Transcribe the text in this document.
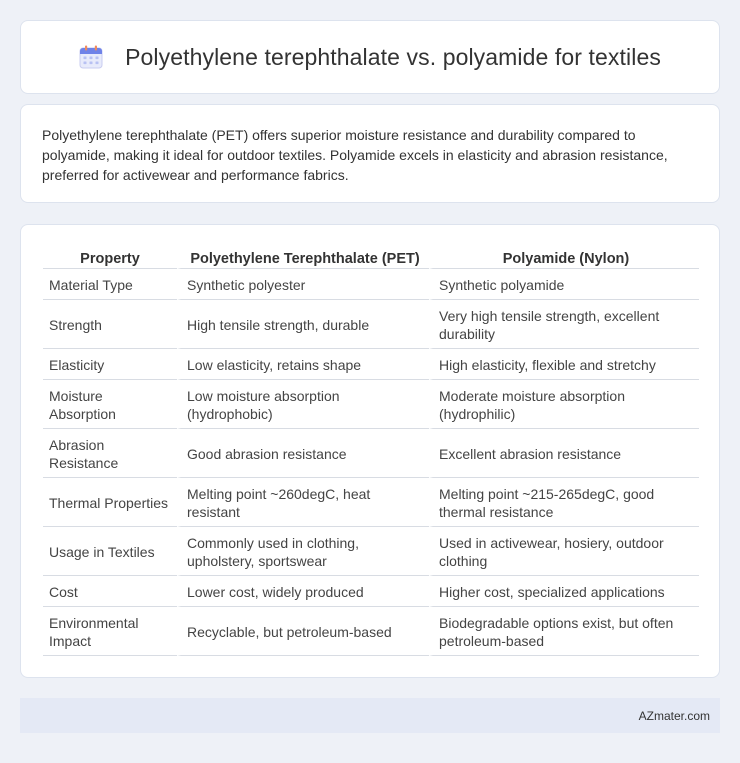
Polyethylene terephthalate vs. polyamide for textiles

Polyethylene terephthalate (PET) offers superior moisture resistance and durability compared to polyamide, making it ideal for outdoor textiles. Polyamide excels in elasticity and abrasion resistance, preferred for activewear and performance fabrics.

Property	Polyethylene Terephthalate (PET)	Polyamide (Nylon)
Material Type	Synthetic polyester	Synthetic polyamide
Strength	High tensile strength, durable	Very high tensile strength, excellent durability
Elasticity	Low elasticity, retains shape	High elasticity, flexible and stretchy
Moisture Absorption	Low moisture absorption (hydrophobic)	Moderate moisture absorption (hydrophilic)
Abrasion Resistance	Good abrasion resistance	Excellent abrasion resistance
Thermal Properties	Melting point ~260degC, heat resistant	Melting point ~215-265degC, good thermal resistance
Usage in Textiles	Commonly used in clothing, upholstery, sportswear	Used in activewear, hosiery, outdoor clothing
Cost	Lower cost, widely produced	Higher cost, specialized applications
Environmental Impact	Recyclable, but petroleum-based	Biodegradable options exist, but often petroleum-based
AZmater.com
